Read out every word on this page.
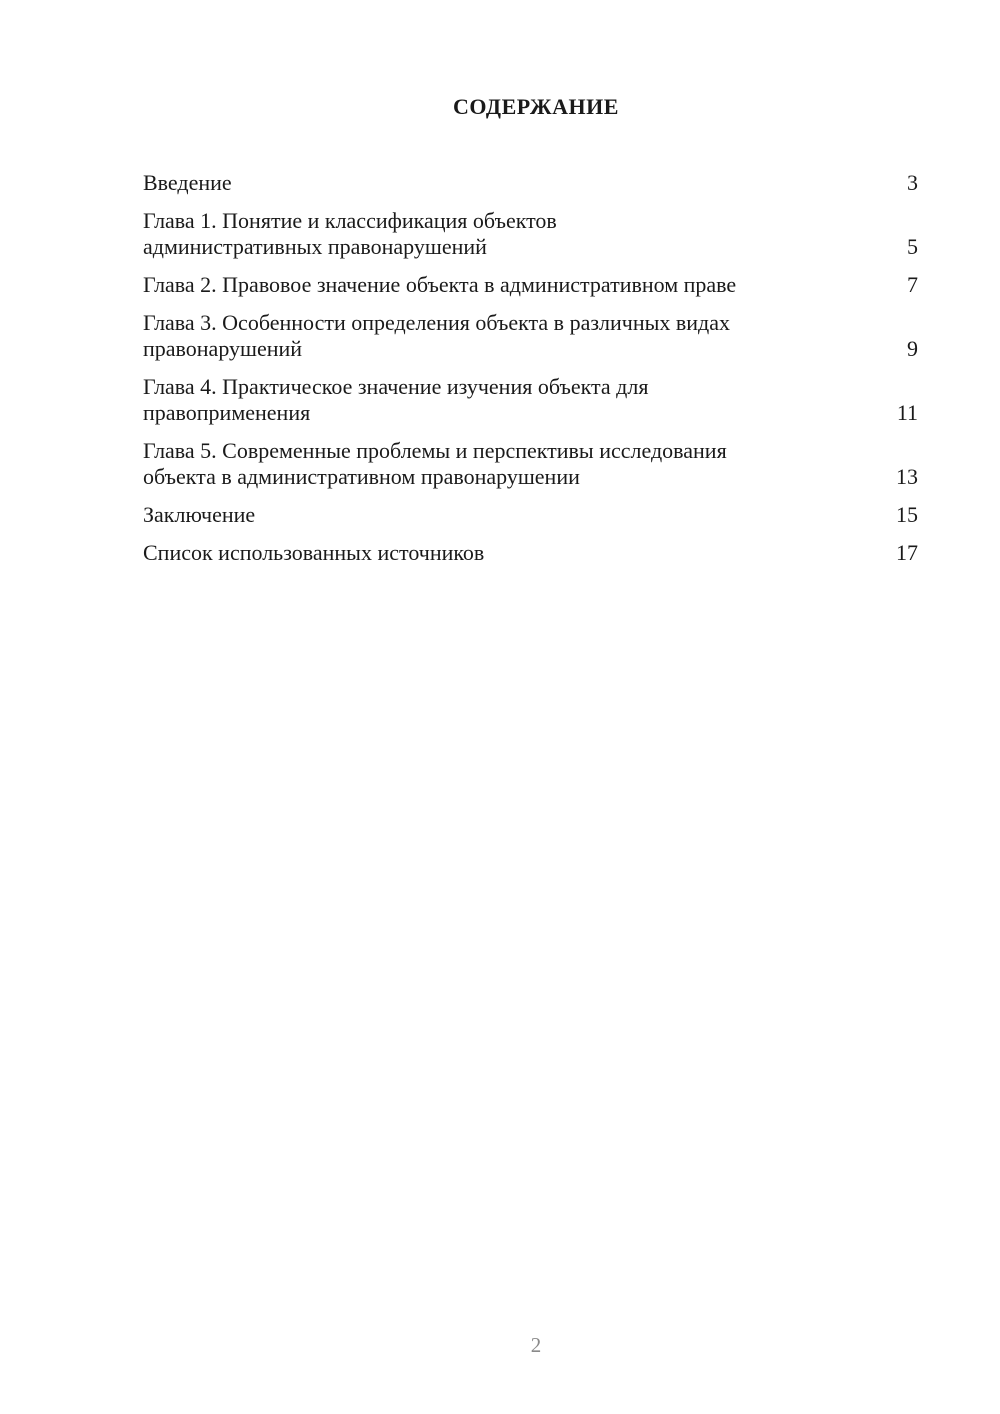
СОДЕРЖАНИЕ
Введение	3
Глава 1. Понятие и классификация объектов
административных правонарушений	5
Глава 2. Правовое значение объекта в административном праве	7
Глава 3. Особенности определения объекта в различных видах
правонарушений	9
Глава 4. Практическое значение изучения объекта для
правоприменения	11
Глава 5. Современные проблемы и перспективы исследования
объекта в административном правонарушении	13
Заключение	15
Список использованных источников	17
2
